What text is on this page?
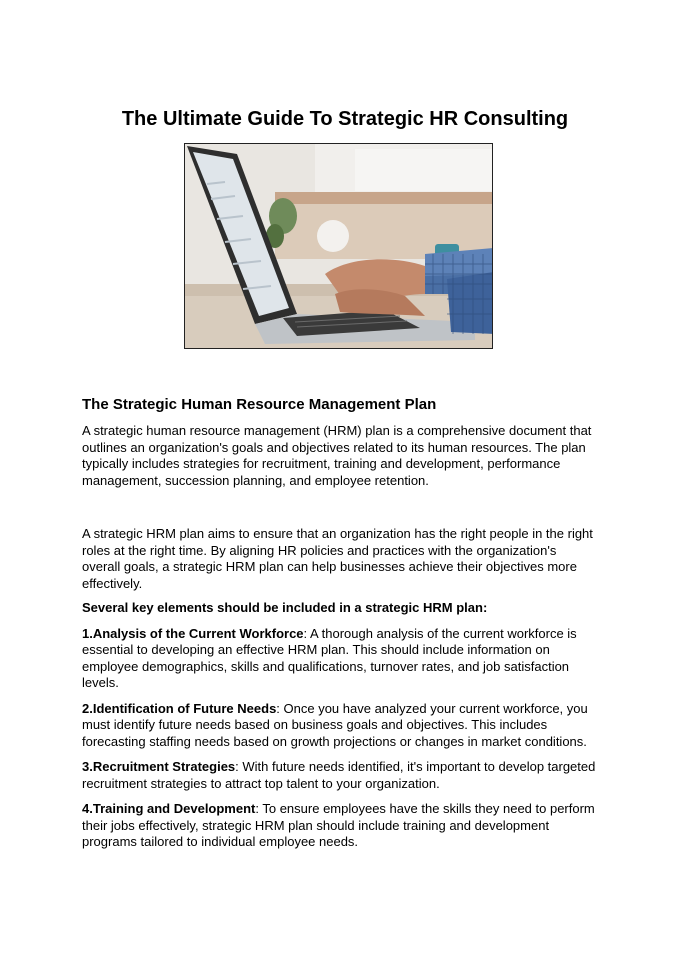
The Ultimate Guide To Strategic HR Consulting
The Strategic Human Resource Management Plan

A strategic human resource management (HRM) plan is a comprehensive document that outlines an organization's goals and objectives related to its human resources. The plan typically includes strategies for recruitment, training and development, performance management, succession planning, and employee retention.

A strategic HRM plan aims to ensure that an organization has the right people in the right roles at the right time. By aligning HR policies and practices with the organization's overall goals, a strategic HRM plan can help businesses achieve their objectives more effectively.

Several key elements should be included in a strategic HRM plan:

1.Analysis of the Current Workforce: A thorough analysis of the current workforce is essential to developing an effective HRM plan. This should include information on employee demographics, skills and qualifications, turnover rates, and job satisfaction levels.

2.Identification of Future Needs: Once you have analyzed your current workforce, you must identify future needs based on business goals and objectives. This includes forecasting staffing needs based on growth projections or changes in market conditions.

3.Recruitment Strategies: With future needs identified, it's important to develop targeted recruitment strategies to attract top talent to your organization.

4.Training and Development: To ensure employees have the skills they need to perform their jobs effectively, strategic HRM plan should include training and development programs tailored to individual employee needs.
